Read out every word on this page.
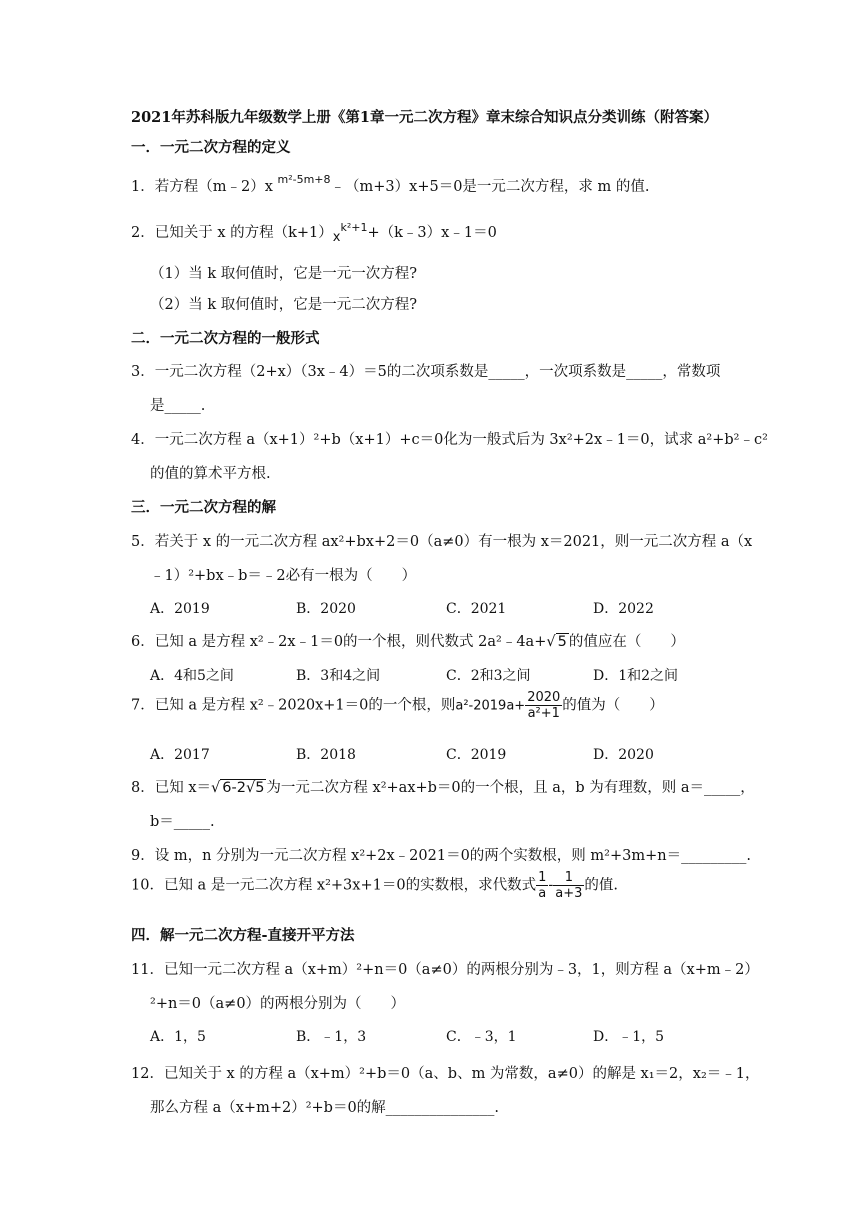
2021年苏科版九年级数学上册《第1章一元二次方程》章末综合知识点分类训练（附答案）
一．一元二次方程的定义
1．若方程（m﹣2）x $^{m^2-5m+8}$﹣（m+3）x+5＝0是一元二次方程，求 m 的值.
2．已知关于 x 的方程$(k+1)x^{k^2+1}+(k﹣3)x﹣1=0$
（1）当 k 取何值时，它是一元一次方程?
（2）当 k 取何值时，它是一元二次方程?
二．一元二次方程的一般形式
3．一元二次方程（2+x）（3x﹣4）＝5的二次项系数是_____，一次项系数是_____，常数项
是_____.
4．一元二次方程 a（x+1）²+b（x+1）+c＝0化为一般式后为 3x²+2x﹣1＝0，试求 a²+b²﹣c²
的值的算术平方根.
三．一元二次方程的解
5．若关于 x 的一元二次方程 ax²+bx+2＝0（a≠0）有一根为 x＝2021，则一元二次方程 a（x
﹣1）²+bx﹣b＝﹣2必有一根为（　　）
A．2019	B．2020	C．2021	D．2022
6．已知 a 是方程 x²﹣2x﹣1＝0的一个根，则代数式 2a²﹣4a+√ 5 的值应在（　　）
A．4和5之间	B．3和4之间	C．2和3之间	D．1和2之间
7．已知 a 是方程 x²﹣2020x+1＝0的一个根，则$a^2-2019a+ \frac{2020}{\text{a²+1}}$ 的值为（　　）
A．2017	B．2018	C．2019	D．2020
8．已知 x＝√ 6-2√5 为一元二次方程 x²+ax+b＝0的一个根，且 a，b 为有理数，则 a＝_____，
b＝_____.
9．设 m，n 分别为一元二次方程 x²+2x﹣2021＝0的两个实数根，则 m²+3m+n＝_________.
10．已知 a 是一元二次方程 x²+3x+1＝0的实数根，求代数式 $\frac{1}{a} - \frac{1}{a+3}$ 的值.
四．解一元二次方程-直接开平方法
11．已知一元二次方程 a（x+m）²+n＝0（a≠0）的两根分别为﹣3，1，则方程 a（x+m﹣2）
²+n＝0（a≠0）的两根分别为（　　）
A．1，5	B．﹣1，3	C．﹣3，1	D．﹣1，5
12．已知关于 x 的方程 a（x+m）²+b＝0（a、b、m 为常数，a≠0）的解是 x₁＝2，x₂＝﹣1，
那么方程 a（x+m+2）²+b＝0的解_______________.
